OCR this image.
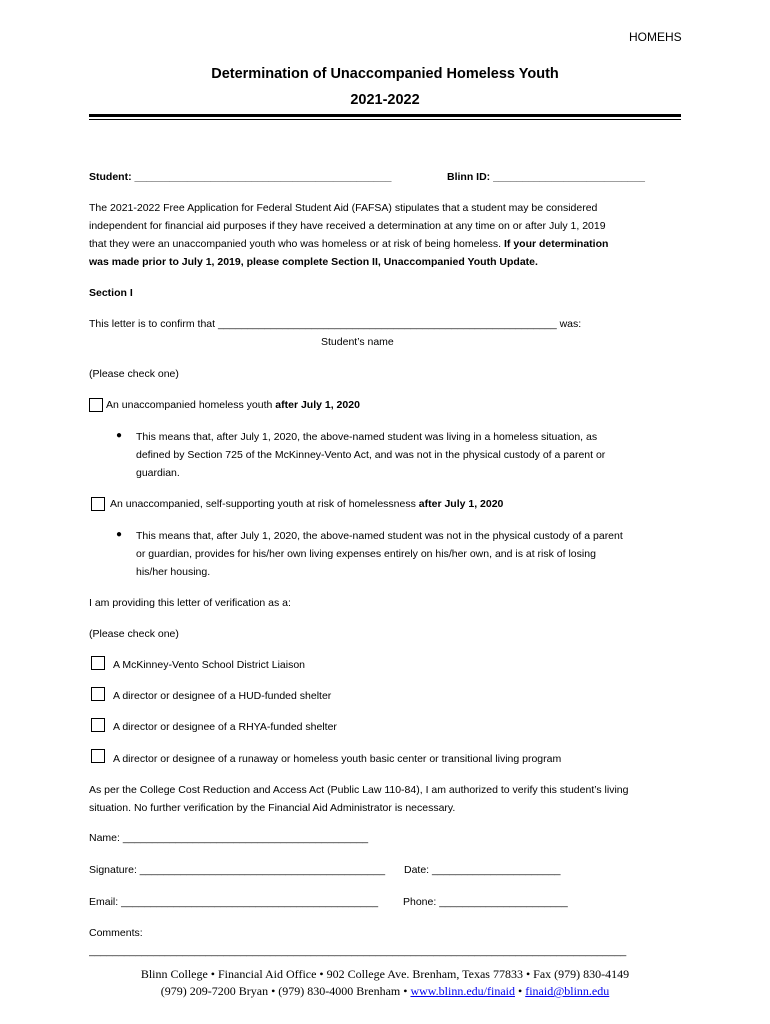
HOMEHS
Determination of Unaccompanied Homeless Youth
2021-2022
Student: ____________________________________________	Blinn ID: __________________________
The 2021-2022 Free Application for Federal Student Aid (FAFSA) stipulates that a student may be considered
independent for financial aid purposes if they have received a determination at any time on or after July 1, 2019
that they were an unaccompanied youth who was homeless or at risk of being homeless. If your determination
was made prior to July 1, 2019, please complete Section II, Unaccompanied Youth Update.
Section I
This letter is to confirm that __________________________________________________________ was:
Student’s name
(Please check one)
An unaccompanied homeless youth after July 1, 2020
● This means that, after July 1, 2020, the above-named student was living in a homeless situation, as
defined by Section 725 of the McKinney-Vento Act, and was not in the physical custody of a parent or
guardian.
An unaccompanied, self-supporting youth at risk of homelessness after July 1, 2020
● This means that, after July 1, 2020, the above-named student was not in the physical custody of a parent
or guardian, provides for his/her own living expenses entirely on his/her own, and is at risk of losing
his/her housing.
I am providing this letter of verification as a:
(Please check one)
A McKinney-Vento School District Liaison
A director or designee of a HUD-funded shelter
A director or designee of a RHYA-funded shelter
A director or designee of a runaway or homeless youth basic center or transitional living program
As per the College Cost Reduction and Access Act (Public Law 110-84), I am authorized to verify this student’s living
situation. No further verification by the Financial Aid Administrator is necessary.
Name: __________________________________________
Signature: __________________________________________ Date: ______________________
Email: ____________________________________________ Phone: ______________________
Comments:
____________________________________________________________________________________________
Blinn College • Financial Aid Office • 902 College Ave. Brenham, Texas 77833 • Fax (979) 830-4149
(979) 209-7200 Bryan • (979) 830-4000 Brenham • www.blinn.edu/finaid • finaid@blinn.edu
